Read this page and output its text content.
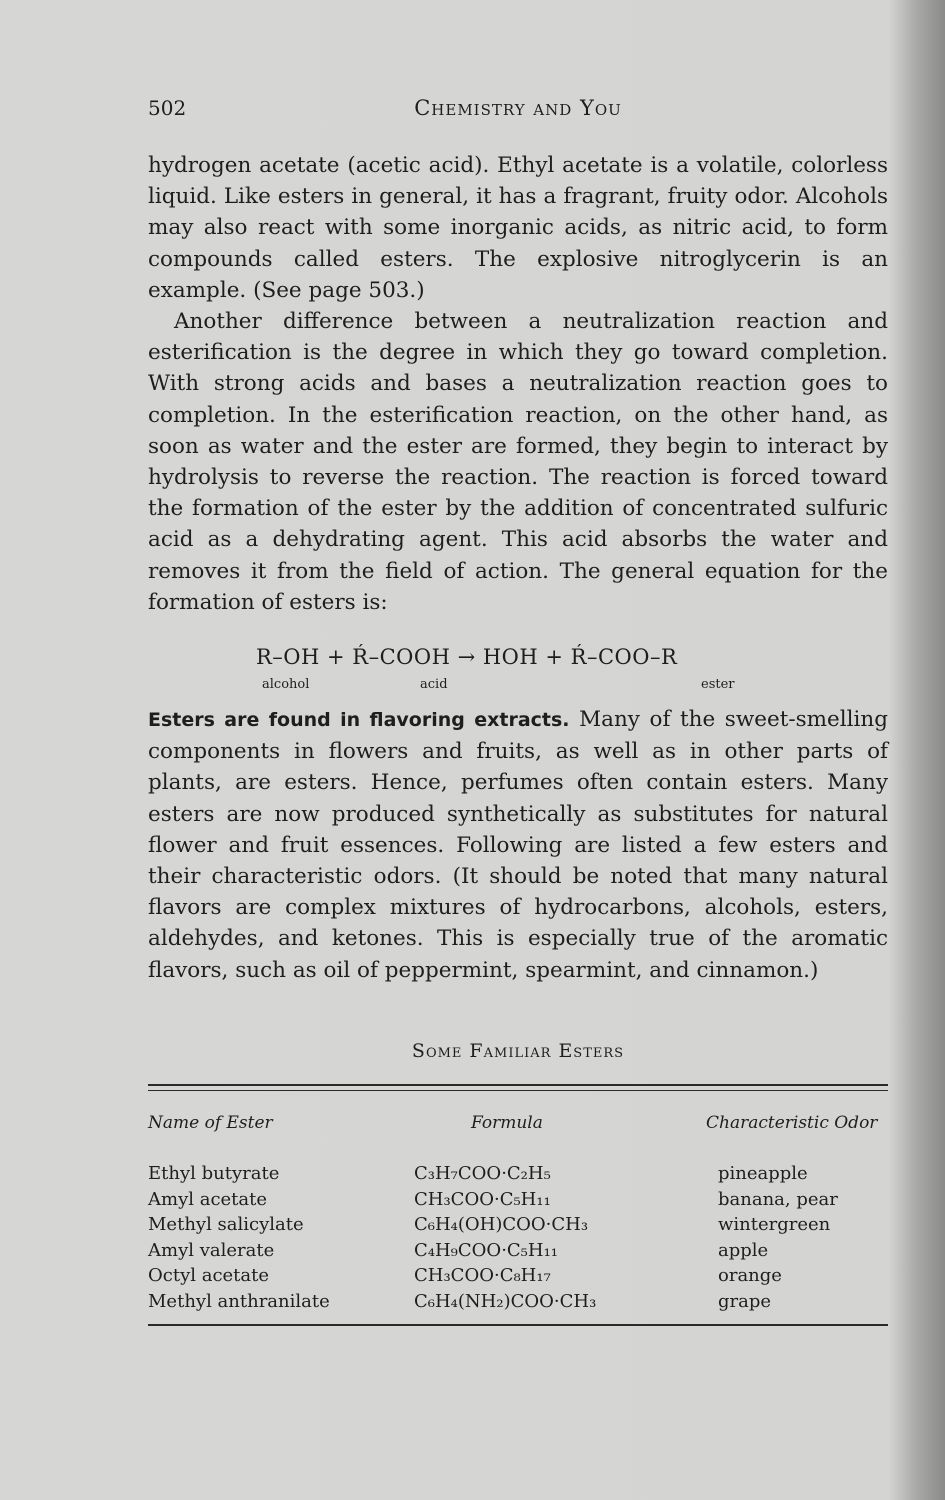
502	Chemistry and You

hydrogen acetate (acetic acid). Ethyl acetate is a volatile, colorless liquid. Like esters in general, it has a fragrant, fruity odor. Alcohols may also react with some inorganic acids, as nitric acid, to form compounds called esters. The explosive nitroglycerin is an example. (See page 503.)

Another difference between a neutralization reaction and esterification is the degree in which they go toward completion. With strong acids and bases a neutralization reaction goes to completion. In the esterification reaction, on the other hand, as soon as water and the ester are formed, they begin to interact by hydrolysis to reverse the reaction. The reaction is forced toward the formation of the ester by the addition of concentrated sulfuric acid as a dehydrating agent. This acid absorbs the water and removes it from the field of action. The general equation for the formation of esters is:

R–OH + Ŕ–COOH → HOH + Ŕ–COO–R
alcohol	acid	ester

Esters are found in flavoring extracts. Many of the sweet-smelling components in flowers and fruits, as well as in other parts of plants, are esters. Hence, perfumes often contain esters. Many esters are now produced synthetically as substitutes for natural flower and fruit essences. Following are listed a few esters and their characteristic odors. (It should be noted that many natural flavors are complex mixtures of hydrocarbons, alcohols, esters, aldehydes, and ketones. This is especially true of the aromatic flavors, such as oil of peppermint, spearmint, and cinnamon.)

Some Familiar Esters
Name of Ester	Formula	Characteristic Odor
Ethyl butyrate	C₃H₇COO·C₂H₅	pineapple
Amyl acetate	CH₃COO·C₅H₁₁	banana, pear
Methyl salicylate	C₆H₄(OH)COO·CH₃	wintergreen
Amyl valerate	C₄H₉COO·C₅H₁₁	apple
Octyl acetate	CH₃COO·C₈H₁₇	orange
Methyl anthranilate	C₆H₄(NH₂)COO·CH₃	grape
